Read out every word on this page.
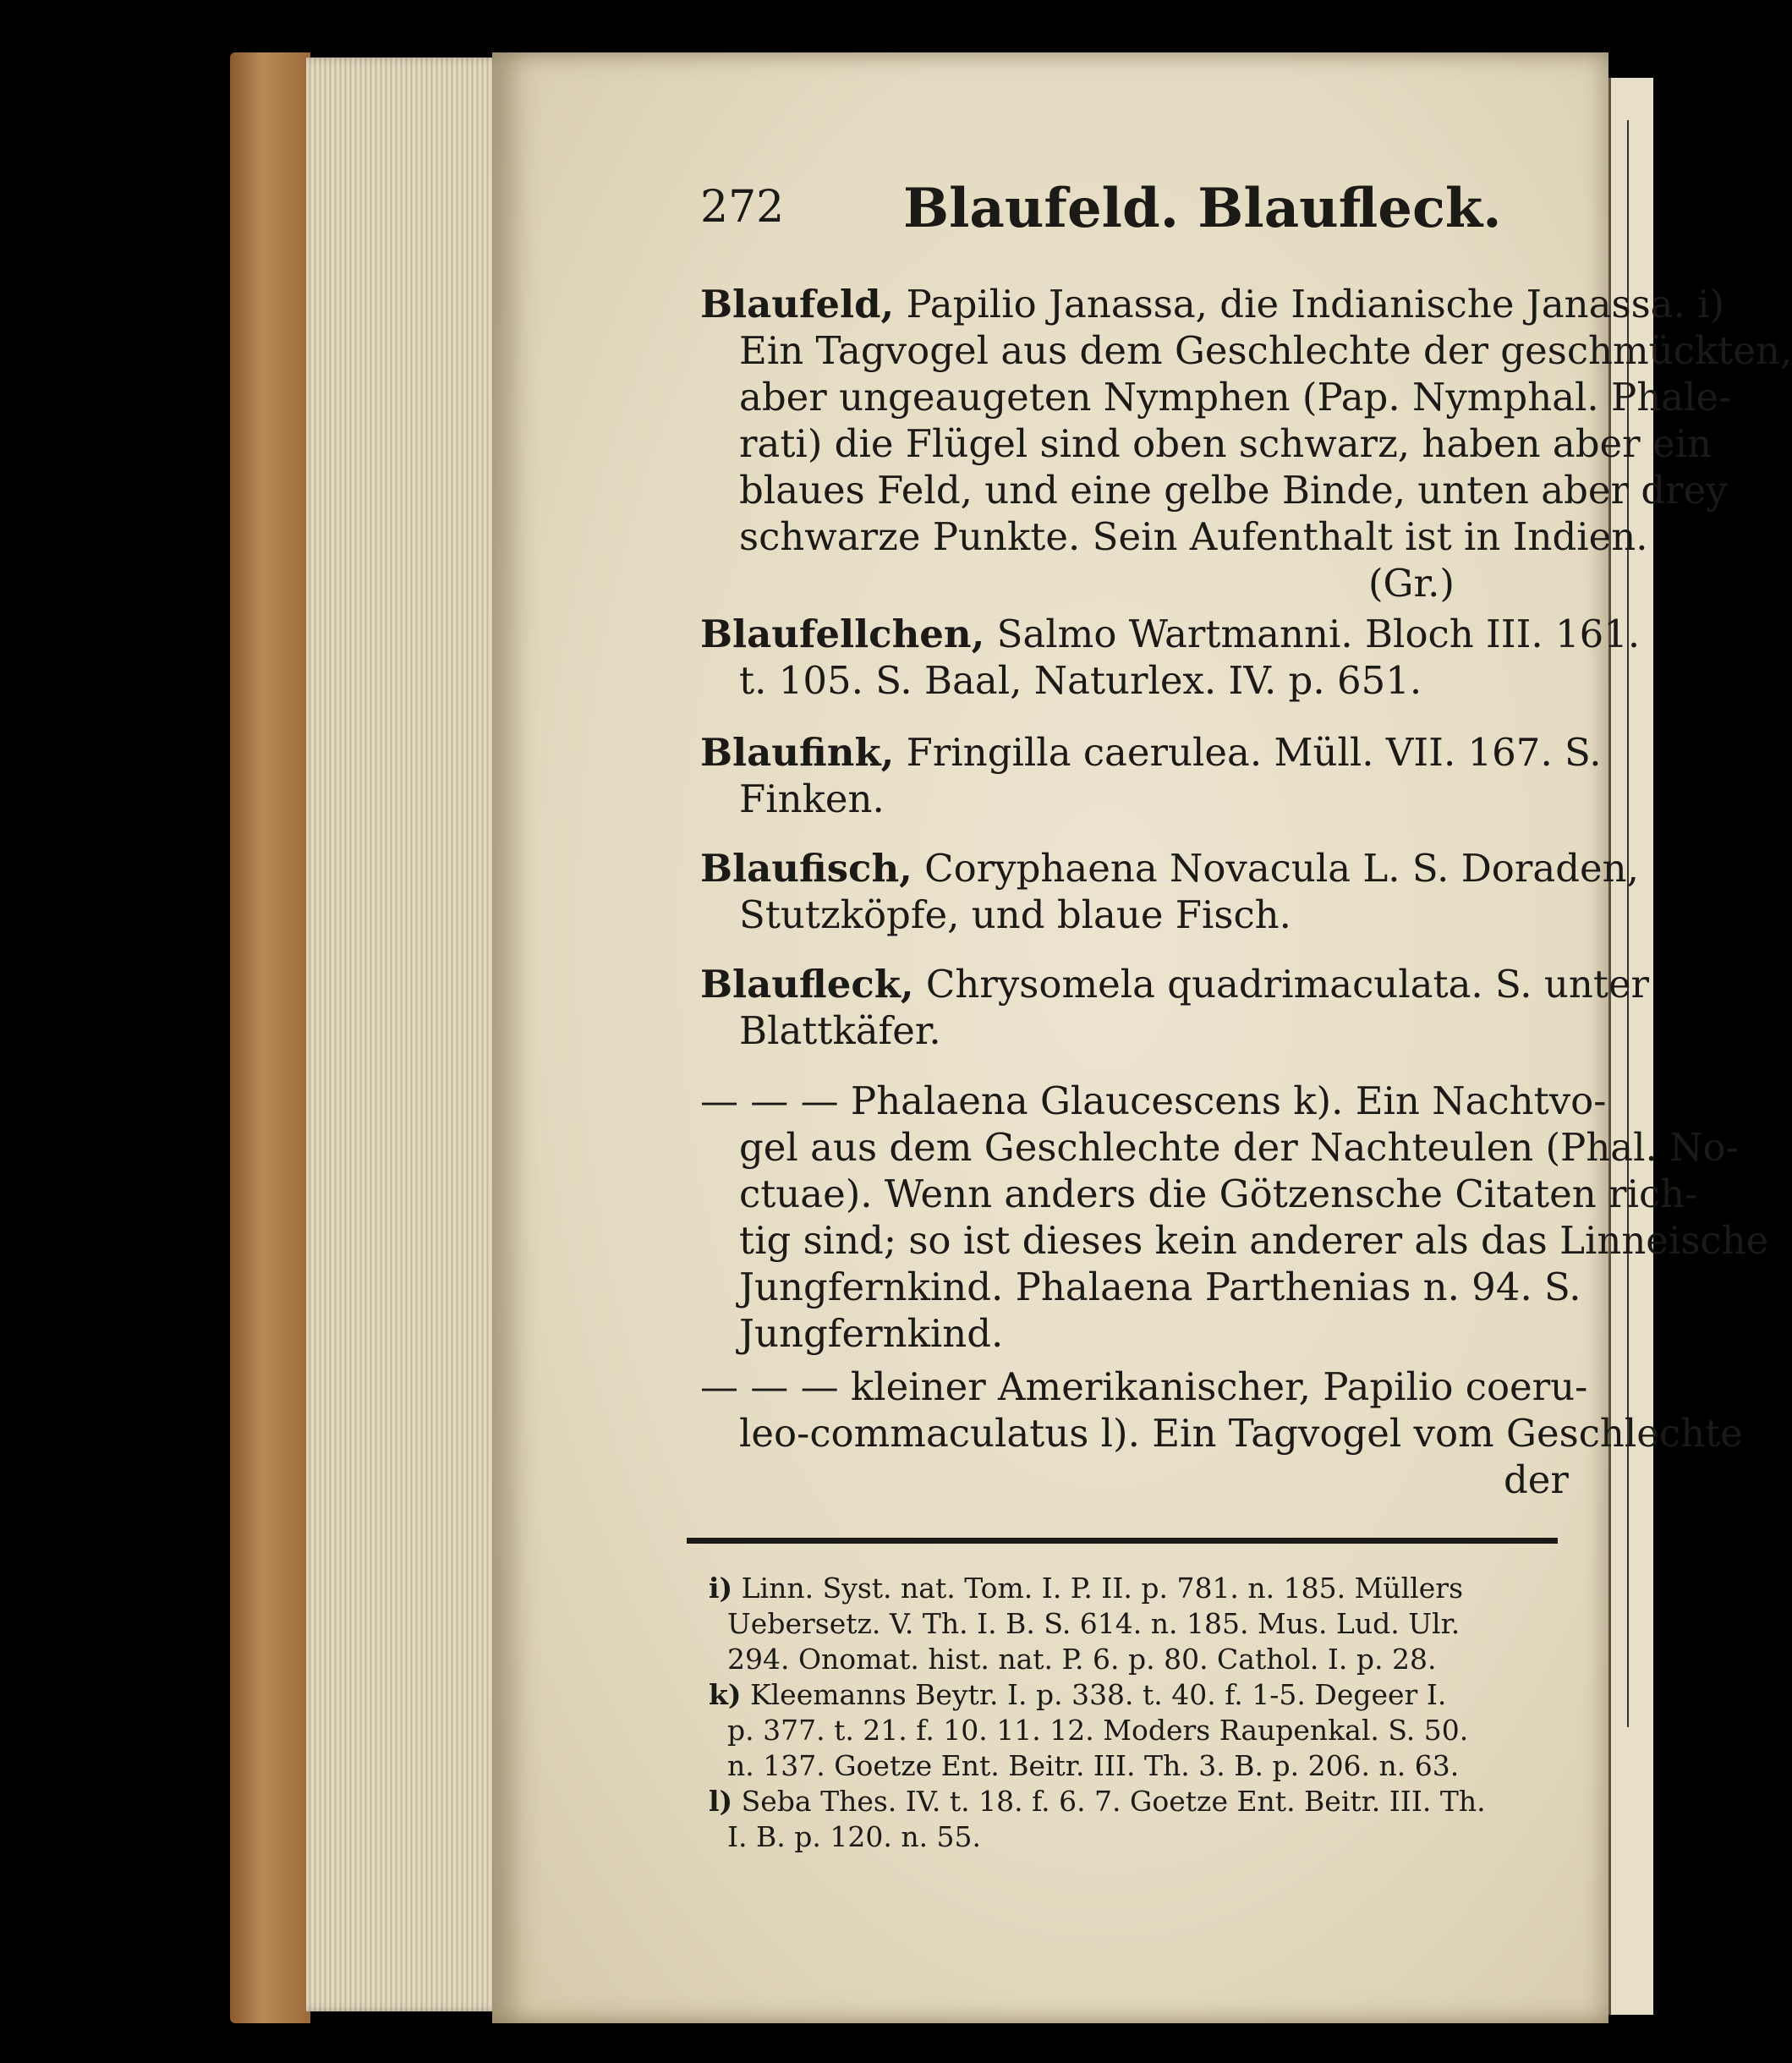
272 Blaufeld. Blaufleck.
Blaufeld, Papilio Janassa, die Indianische Janassa. i)
Ein Tagvogel aus dem Geschlechte der geschmückten,
aber ungeaugeten Nymphen (Pap. Nymphal. Phale-
rati) die Flügel sind oben schwarz, haben aber ein
blaues Feld, und eine gelbe Binde, unten aber drey
schwarze Punkte. Sein Aufenthalt ist in Indien.
(Gr.)
Blaufellchen, Salmo Wartmanni. Bloch III. 161.
t. 105. S. Baal, Naturlex. IV. p. 651.
Blaufink, Fringilla caerulea. Müll. VII. 167. S.
Finken.
Blaufisch, Coryphaena Novacula L. S. Doraden,
Stutzköpfe, und blaue Fisch.
Blaufleck, Chrysomela quadrimaculata. S. unter
Blattkäfer.
— — — Phalaena Glaucescens k). Ein Nachtvo-
gel aus dem Geschlechte der Nachteulen (Phal. No-
ctuae). Wenn anders die Götzensche Citaten rich-
tig sind; so ist dieses kein anderer als das Linneische
Jungfernkind. Phalaena Parthenias n. 94. S.
Jungfernkind.
— — — kleiner Amerikanischer, Papilio coeru-
leo-commaculatus l). Ein Tagvogel vom Geschlechte
der
i) Linn. Syst. nat. Tom. I. P. II. p. 781. n. 185. Müllers
Uebersetz. V. Th. I. B. S. 614. n. 185. Mus. Lud. Ulr.
294. Onomat. hist. nat. P. 6. p. 80. Cathol. I. p. 28.
k) Kleemanns Beytr. I. p. 338. t. 40. f. 1-5. Degeer I.
p. 377. t. 21. f. 10. 11. 12. Moders Raupenkal. S. 50.
n. 137. Goetze Ent. Beitr. III. Th. 3. B. p. 206. n. 63.
l) Seba Thes. IV. t. 18. f. 6. 7. Goetze Ent. Beitr. III. Th.
I. B. p. 120. n. 55.
